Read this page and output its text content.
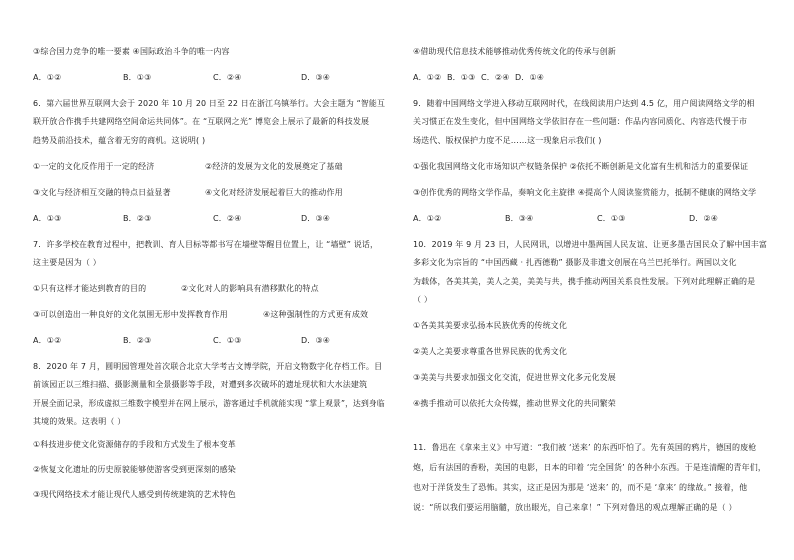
③综合国力竞争的唯一要素 ④国际政治斗争的唯一内容
A．①②	B．①③	C．②④	D．③④
6．第六届世界互联网大会于 2020 年 10 月 20 日至 22 日在浙江乌镇举行。大会主题为 “智能互
联开放合作携手共建网络空间命运共同体”。在 “互联网之光” 博览会上展示了最新的科技发展
趋势及前沿技术，蕴含着无穷的商机。这说明( )
①一定的文化反作用于一定的经济	②经济的发展为文化的发展奠定了基础
③文化与经济相互交融的特点日益显著	④文化对经济发展起着巨大的推动作用
A．①③	B．②③	C．②④	D．③④
7．许多学校在教育过程中，把教训、育人目标等都书写在墙壁等醒目位置上，让 “墙壁” 说话，
这主要是因为（ ）
①只有这样才能达到教育的目的	②文化对人的影响具有潜移默化的特点
③可以创造出一种良好的文化氛围无形中发挥教育作用	④这种强制性的方式更有成效
A．①②	B．②③	C．①③	D．③④
8．2020 年 7 月，圆明园管理处首次联合北京大学考古文博学院，开启文物数字化存档工作。目
前该园正以三维扫描、摄影测量和全景摄影等手段，对遭到多次破坏的遗址现状和大水法建筑
开展全面记录，形成虚拟三维数字模型并在网上展示，游客通过手机就能实现 “掌上观景”，达到身临
其境的效果。这表明（ ）
①科技进步使文化资源储存的手段和方式发生了根本变革
②恢复文化遗址的历史原貌能够使游客受到更深刻的感染
③现代网络技术才能让现代人感受到传统建筑的艺术特色
④借助现代信息技术能够推动优秀传统文化的传承与创新
A．①② B．①③ C．②④ D．①④
9．随着中国网络文学进入移动互联网时代，在线阅读用户达到 4.5 亿，用户阅读网络文学的相
关习惯正在发生变化，但中国网络文学依旧存在一些问题：作品内容同质化、内容迭代慢于市
场迭代、版权保护力度不足……这一现象启示我们( )
①强化我国网络文化市场知识产权链条保护 ②依托不断创新是文化富有生机和活力的重要保证
③创作优秀的网络文学作品，奏响文化主旋律 ④提高个人阅读鉴赏能力，抵制不健康的网络文学
A．①②	B．③④	C．①③	D．②④
10．2019 年 9 月 23 日，人民网讯，以增进中墨两国人民友谊、让更多墨吉国民众了解中国丰富
多彩文化为宗旨的 “中国西藏 · 扎西德勒” 摄影及非遗文创展在乌兰巴托举行。两国以文化
为载体，各美其美，美人之美，美美与共，携手推动两国关系良性发展。下列对此理解正确的是
（ ）
①各美其美要求弘扬本民族优秀的传统文化
②美人之美要求尊重各世界民族的优秀文化
③美美与共要求加强文化交流，促进世界文化多元化发展
④携手推动可以依托大众传媒，推动世界文化的共同繁荣
11．鲁迅在《拿来主义》中写道：“我们被 ‘送来’ 的东西吓怕了。先有英国的鸦片，德国的废枪
炮，后有法国的香粉，美国的电影，日本的印着 ‘完全国货’ 的各种小东西。于是连清醒的青年们，
也对于洋货发生了恐怖。其实，这正是因为那是 ‘送来’ 的，而不是 ‘拿来’ 的缘故。” 接着，他
说：“所以我们要运用脑髓，放出眼光，自己来拿！” 下列对鲁迅的观点理解正确的是（ ）
